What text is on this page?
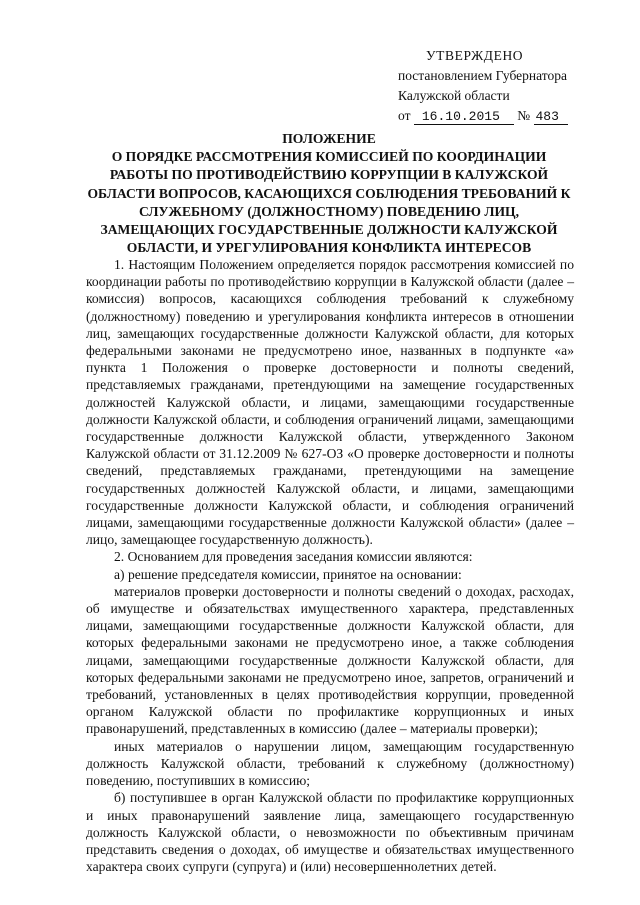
УТВЕРЖДЕНО
постановлением Губернатора
Калужской области
от 16.10.2015 № 483
ПОЛОЖЕНИЕ
О ПОРЯДКЕ РАССМОТРЕНИЯ КОМИССИЕЙ ПО КООРДИНАЦИИ РАБОТЫ ПО ПРОТИВОДЕЙСТВИЮ КОРРУПЦИИ В КАЛУЖСКОЙ ОБЛАСТИ ВОПРОСОВ, КАСАЮЩИХСЯ СОБЛЮДЕНИЯ ТРЕБОВАНИЙ К СЛУЖЕБНОМУ (ДОЛЖНОСТНОМУ) ПОВЕДЕНИЮ ЛИЦ, ЗАМЕЩАЮЩИХ ГОСУДАРСТВЕННЫЕ ДОЛЖНОСТИ КАЛУЖСКОЙ ОБЛАСТИ, И УРЕГУЛИРОВАНИЯ КОНФЛИКТА ИНТЕРЕСОВ

1. Настоящим Положением определяется порядок рассмотрения комиссией по координации работы по противодействию коррупции в Калужской области (далее – комиссия) вопросов, касающихся соблюдения требований к служебному (должностному) поведению и урегулирования конфликта интересов в отношении лиц, замещающих государственные должности Калужской области, для которых федеральными законами не предусмотрено иное, названных в подпункте «а» пункта 1 Положения о проверке достоверности и полноты сведений, представляемых гражданами, претендующими на замещение государственных должностей Калужской области, и лицами, замещающими государственные должности Калужской области, и соблюдения ограничений лицами, замещающими государственные должности Калужской области, утвержденного Законом Калужской области от 31.12.2009 № 627-ОЗ «О проверке достоверности и полноты сведений, представляемых гражданами, претендующими на замещение государственных должностей Калужской области, и лицами, замещающими государственные должности Калужской области, и соблюдения ограничений лицами, замещающими государственные должности Калужской области» (далее – лицо, замещающее государственную должность).

2. Основанием для проведения заседания комиссии являются:

а) решение председателя комиссии, принятое на основании:

материалов проверки достоверности и полноты сведений о доходах, расходах, об имуществе и обязательствах имущественного характера, представленных лицами, замещающими государственные должности Калужской области, для которых федеральными законами не предусмотрено иное, а также соблюдения лицами, замещающими государственные должности Калужской области, для которых федеральными законами не предусмотрено иное, запретов, ограничений и требований, установленных в целях противодействия коррупции, проведенной органом Калужской области по профилактике коррупционных и иных правонарушений, представленных в комиссию (далее – материалы проверки);

иных материалов о нарушении лицом, замещающим государственную должность Калужской области, требований к служебному (должностному) поведению, поступивших в комиссию;

б) поступившее в орган Калужской области по профилактике коррупционных и иных правонарушений заявление лица, замещающего государственную должность Калужской области, о невозможности по объективным причинам представить сведения о доходах, об имуществе и обязательствах имущественного характера своих супруги (супруга) и (или) несовершеннолетних детей.
